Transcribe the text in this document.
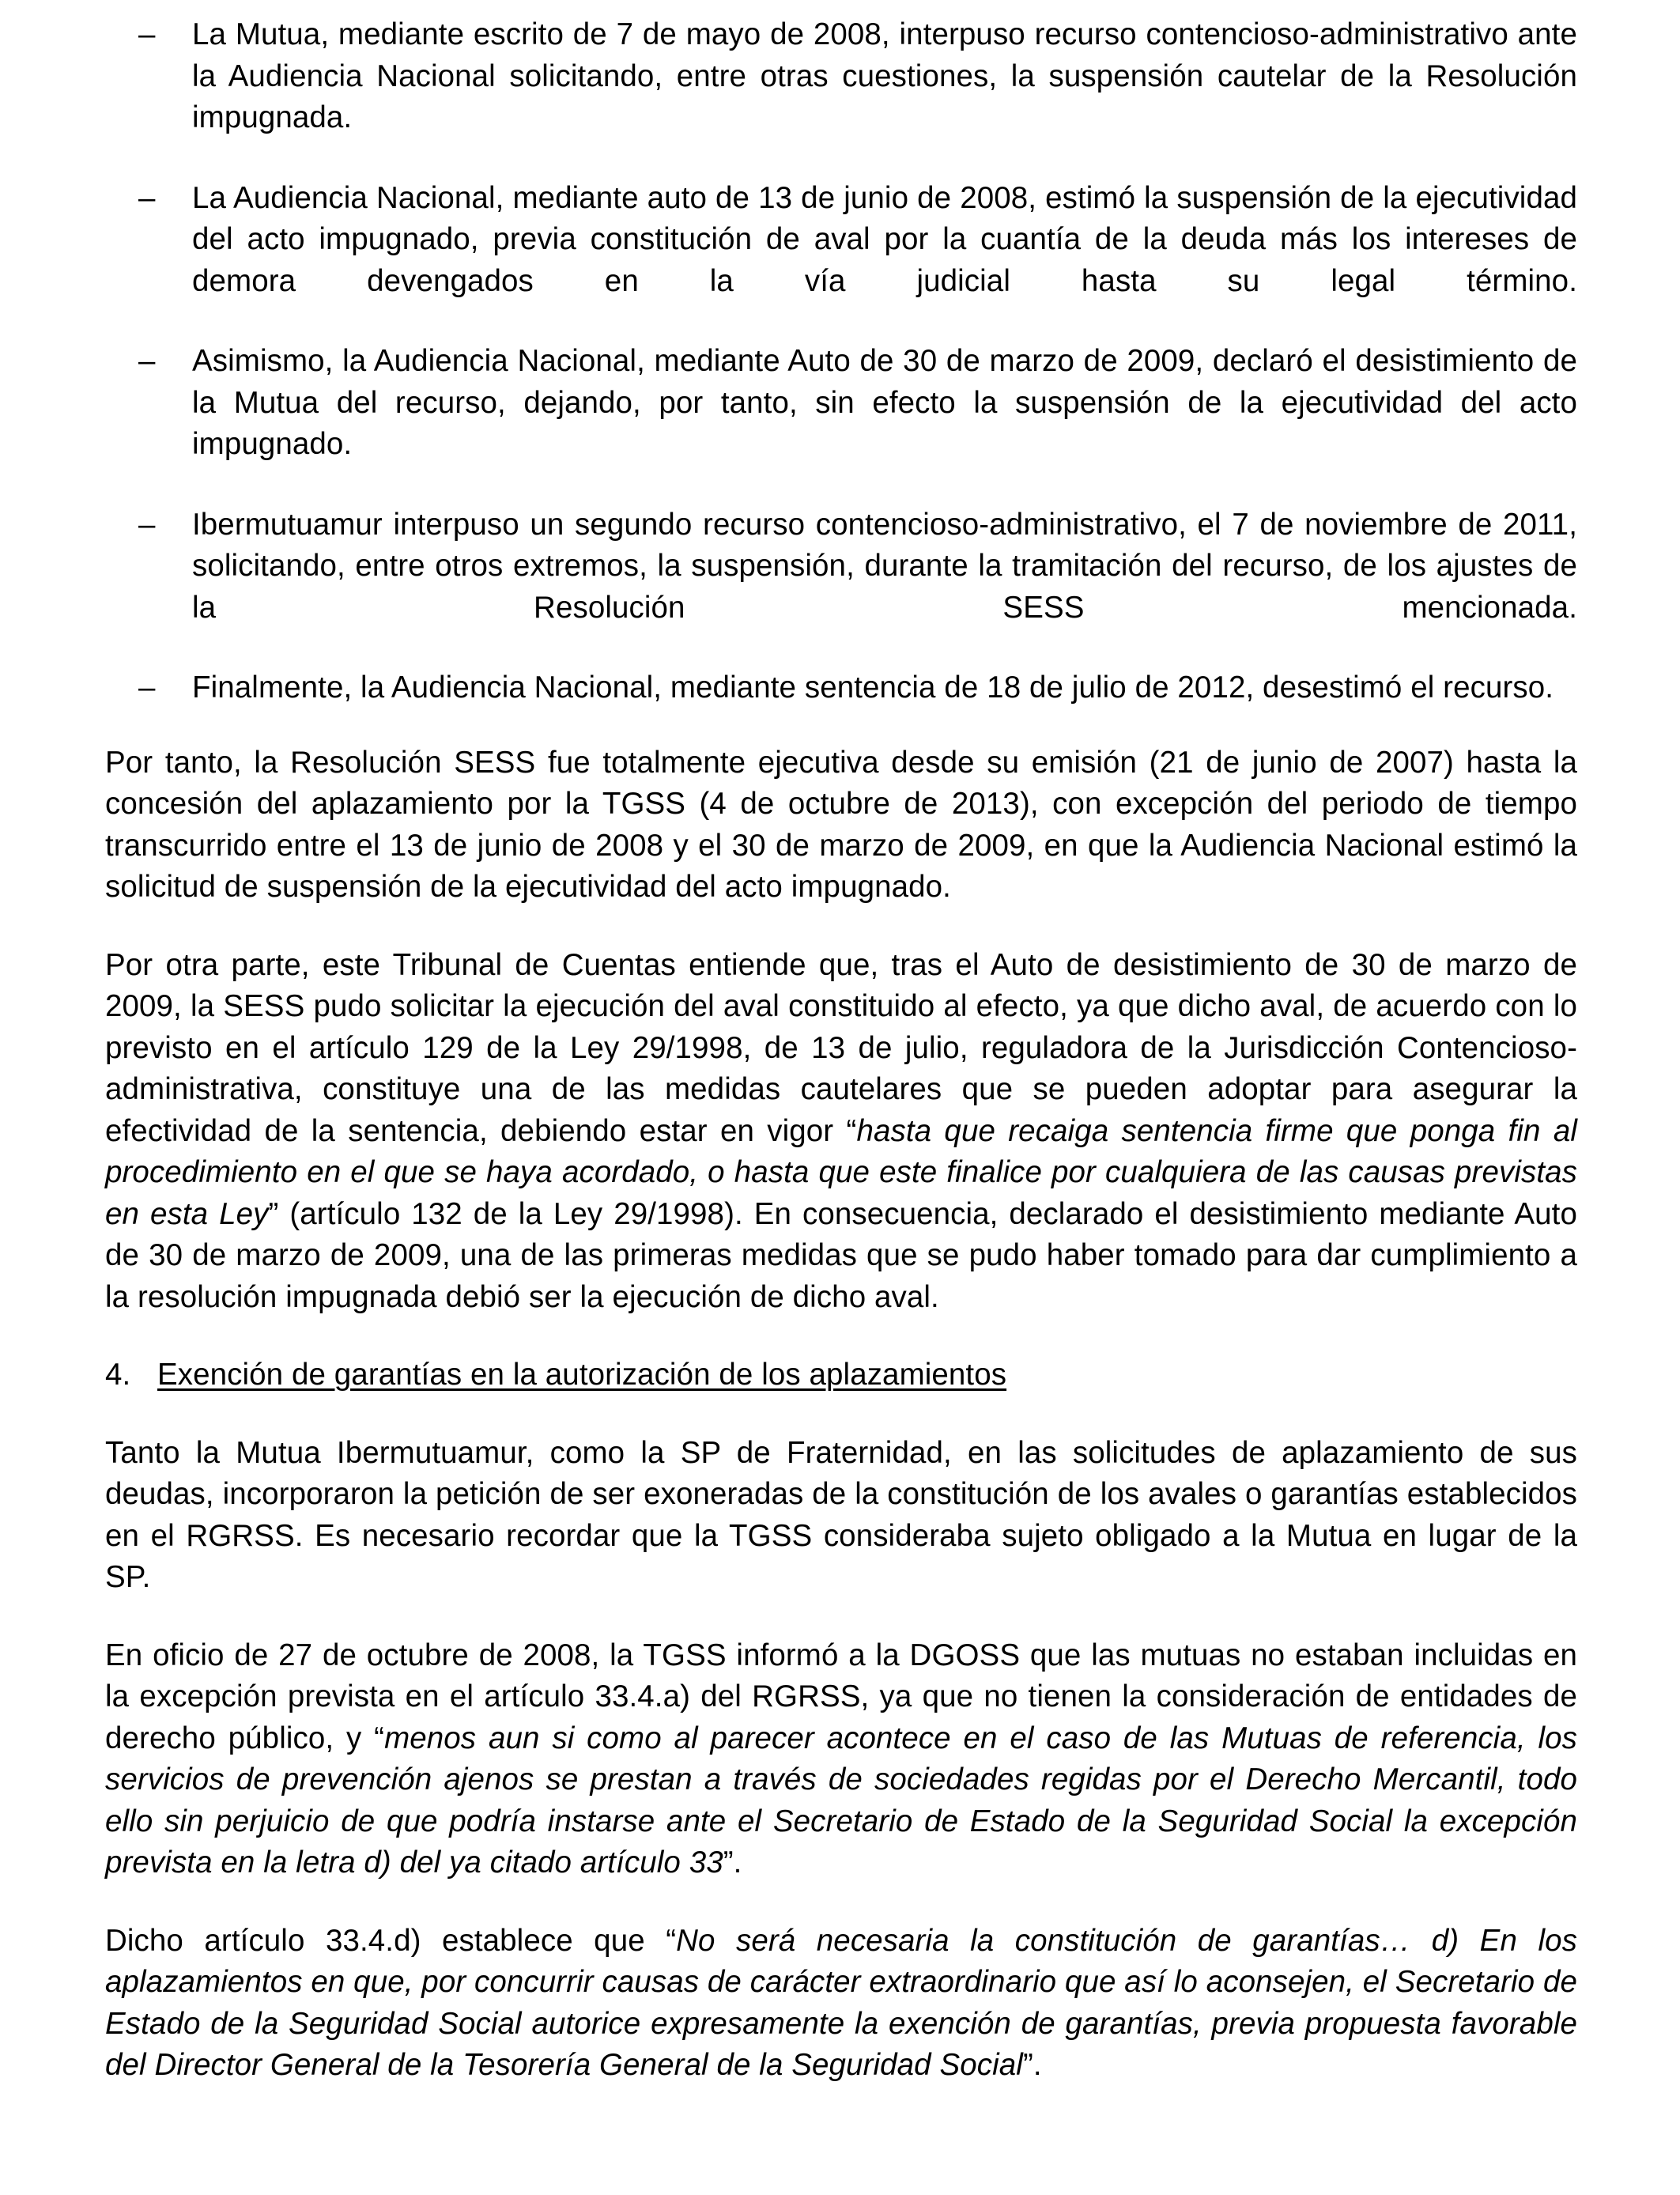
– La Mutua, mediante escrito de 7 de mayo de 2008, interpuso recurso contencioso-administrativo ante la Audiencia Nacional solicitando, entre otras cuestiones, la suspensión cautelar de la Resolución impugnada.
– La Audiencia Nacional, mediante auto de 13 de junio de 2008, estimó la suspensión de la ejecutividad del acto impugnado, previa constitución de aval por la cuantía de la deuda más los intereses de demora devengados en la vía judicial hasta su legal término.
– Asimismo, la Audiencia Nacional, mediante Auto de 30 de marzo de 2009, declaró el desistimiento de la Mutua del recurso, dejando, por tanto, sin efecto la suspensión de la ejecutividad del acto impugnado.
– Ibermutuamur interpuso un segundo recurso contencioso-administrativo, el 7 de noviembre de 2011, solicitando, entre otros extremos, la suspensión, durante la tramitación del recurso, de los ajustes de la Resolución SESS mencionada.
– Finalmente, la Audiencia Nacional, mediante sentencia de 18 de julio de 2012, desestimó el recurso.

Por tanto, la Resolución SESS fue totalmente ejecutiva desde su emisión (21 de junio de 2007) hasta la concesión del aplazamiento por la TGSS (4 de octubre de 2013), con excepción del periodo de tiempo transcurrido entre el 13 de junio de 2008 y el 30 de marzo de 2009, en que la Audiencia Nacional estimó la solicitud de suspensión de la ejecutividad del acto impugnado.

Por otra parte, este Tribunal de Cuentas entiende que, tras el Auto de desistimiento de 30 de marzo de 2009, la SESS pudo solicitar la ejecución del aval constituido al efecto, ya que dicho aval, de acuerdo con lo previsto en el artículo 129 de la Ley 29/1998, de 13 de julio, reguladora de la Jurisdicción Contencioso-administrativa, constituye una de las medidas cautelares que se pueden adoptar para asegurar la efectividad de la sentencia, debiendo estar en vigor “hasta que recaiga sentencia firme que ponga fin al procedimiento en el que se haya acordado, o hasta que este finalice por cualquiera de las causas previstas en esta Ley” (artículo 132 de la Ley 29/1998). En consecuencia, declarado el desistimiento mediante Auto de 30 de marzo de 2009, una de las primeras medidas que se pudo haber tomado para dar cumplimiento a la resolución impugnada debió ser la ejecución de dicho aval.

4. Exención de garantías en la autorización de los aplazamientos

Tanto la Mutua Ibermutuamur, como la SP de Fraternidad, en las solicitudes de aplazamiento de sus deudas, incorporaron la petición de ser exoneradas de la constitución de los avales o garantías establecidos en el RGRSS. Es necesario recordar que la TGSS consideraba sujeto obligado a la Mutua en lugar de la SP.

En oficio de 27 de octubre de 2008, la TGSS informó a la DGOSS que las mutuas no estaban incluidas en la excepción prevista en el artículo 33.4.a) del RGRSS, ya que no tienen la consideración de entidades de derecho público, y “menos aun si como al parecer acontece en el caso de las Mutuas de referencia, los servicios de prevención ajenos se prestan a través de sociedades regidas por el Derecho Mercantil, todo ello sin perjuicio de que podría instarse ante el Secretario de Estado de la Seguridad Social la excepción prevista en la letra d) del ya citado artículo 33”.

Dicho artículo 33.4.d) establece que “No será necesaria la constitución de garantías… d) En los aplazamientos en que, por concurrir causas de carácter extraordinario que así lo aconsejen, el Secretario de Estado de la Seguridad Social autorice expresamente la exención de garantías, previa propuesta favorable del Director General de la Tesorería General de la Seguridad Social”.
